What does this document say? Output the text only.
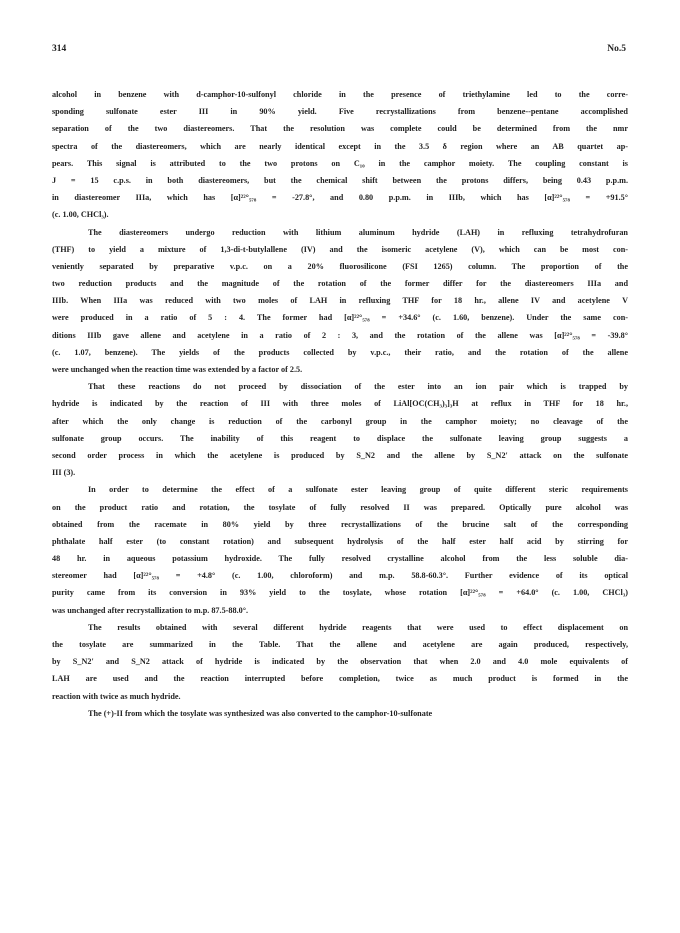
314	No.5
alcohol in benzene with d-camphor-10-sulfonyl chloride in the presence of triethylamine led to the corre-
sponding sulfonate ester III in 90% yield. Five recrystallizations from benzene--pentane accomplished
separation of the two diastereomers. That the resolution was complete could be determined from the nmr
spectra of the diastereomers, which are nearly identical except in the 3.5 δ region where an AB quartet ap-
pears. This signal is attributed to the two protons on C₁₀ in the camphor moiety. The coupling constant is
J = 15 c.p.s. in both diastereomers, but the chemical shift between the protons differs, being 0.43 p.p.m.
in diastereomer IIIa, which has [α]²²°₅₇₈ = -27.8°, and 0.80 p.p.m. in IIIb, which has [α]²²°₅₇₈ = +91.5°
(c. 1.00, CHCl₃).
The diastereomers undergo reduction with lithium aluminum hydride (LAH) in refluxing tetrahydrofuran
(THF) to yield a mixture of 1,3-di-t-butylallene (IV) and the isomeric acetylene (V), which can be most con-
veniently separated by preparative v.p.c. on a 20% fluorosilicone (FSI 1265) column. The proportion of the
two reduction products and the magnitude of the rotation of the former differ for the diastereomers IIIa and
IIIb. When IIIa was reduced with two moles of LAH in refluxing THF for 18 hr., allene IV and acetylene V
were produced in a ratio of 5 : 4. The former had [α]²²°₅₇₈ = +34.6° (c. 1.60, benzene). Under the same con-
ditions IIIb gave allene and acetylene in a ratio of 2 : 3, and the rotation of the allene was [α]²²°₅₇₈ = -39.8°
(c. 1.07, benzene). The yields of the products collected by v.p.c., their ratio, and the rotation of the allene
were unchanged when the reaction time was extended by a factor of 2.5.
That these reactions do not proceed by dissociation of the ester into an ion pair which is trapped by
hydride is indicated by the reaction of III with three moles of LiAl[OC(CH₃)₃]₃H at reflux in THF for 18 hr.,
after which the only change is reduction of the carbonyl group in the camphor moiety; no cleavage of the
sulfonate group occurs. The inability of this reagent to displace the sulfonate leaving group suggests a
second order process in which the acetylene is produced by S_N2 and the allene by S_N2' attack on the sulfonate
III (3).
In order to determine the effect of a sulfonate ester leaving group of quite different steric requirements
on the product ratio and rotation, the tosylate of fully resolved II was prepared. Optically pure alcohol was
obtained from the racemate in 80% yield by three recrystallizations of the brucine salt of the corresponding
phthalate half ester (to constant rotation) and subsequent hydrolysis of the half ester half acid by stirring for
48 hr. in aqueous potassium hydroxide. The fully resolved crystalline alcohol from the less soluble dia-
stereomer had [α]²²°₅₇₈ = +4.8° (c. 1.00, chloroform) and m.p. 58.8-60.3°. Further evidence of its optical
purity came from its conversion in 93% yield to the tosylate, whose rotation [α]²²°₅₇₈ = +64.0° (c. 1.00, CHCl₃)
was unchanged after recrystallization to m.p. 87.5-88.0°.
The results obtained with several different hydride reagents that were used to effect displacement on
the tosylate are summarized in the Table. That the allene and acetylene are again produced, respectively,
by S_N2' and S_N2 attack of hydride is indicated by the observation that when 2.0 and 4.0 mole equivalents of
LAH are used and the reaction interrupted before completion, twice as much product is formed in the
reaction with twice as much hydride.
The (+)-II from which the tosylate was synthesized was also converted to the camphor-10-sulfonate
